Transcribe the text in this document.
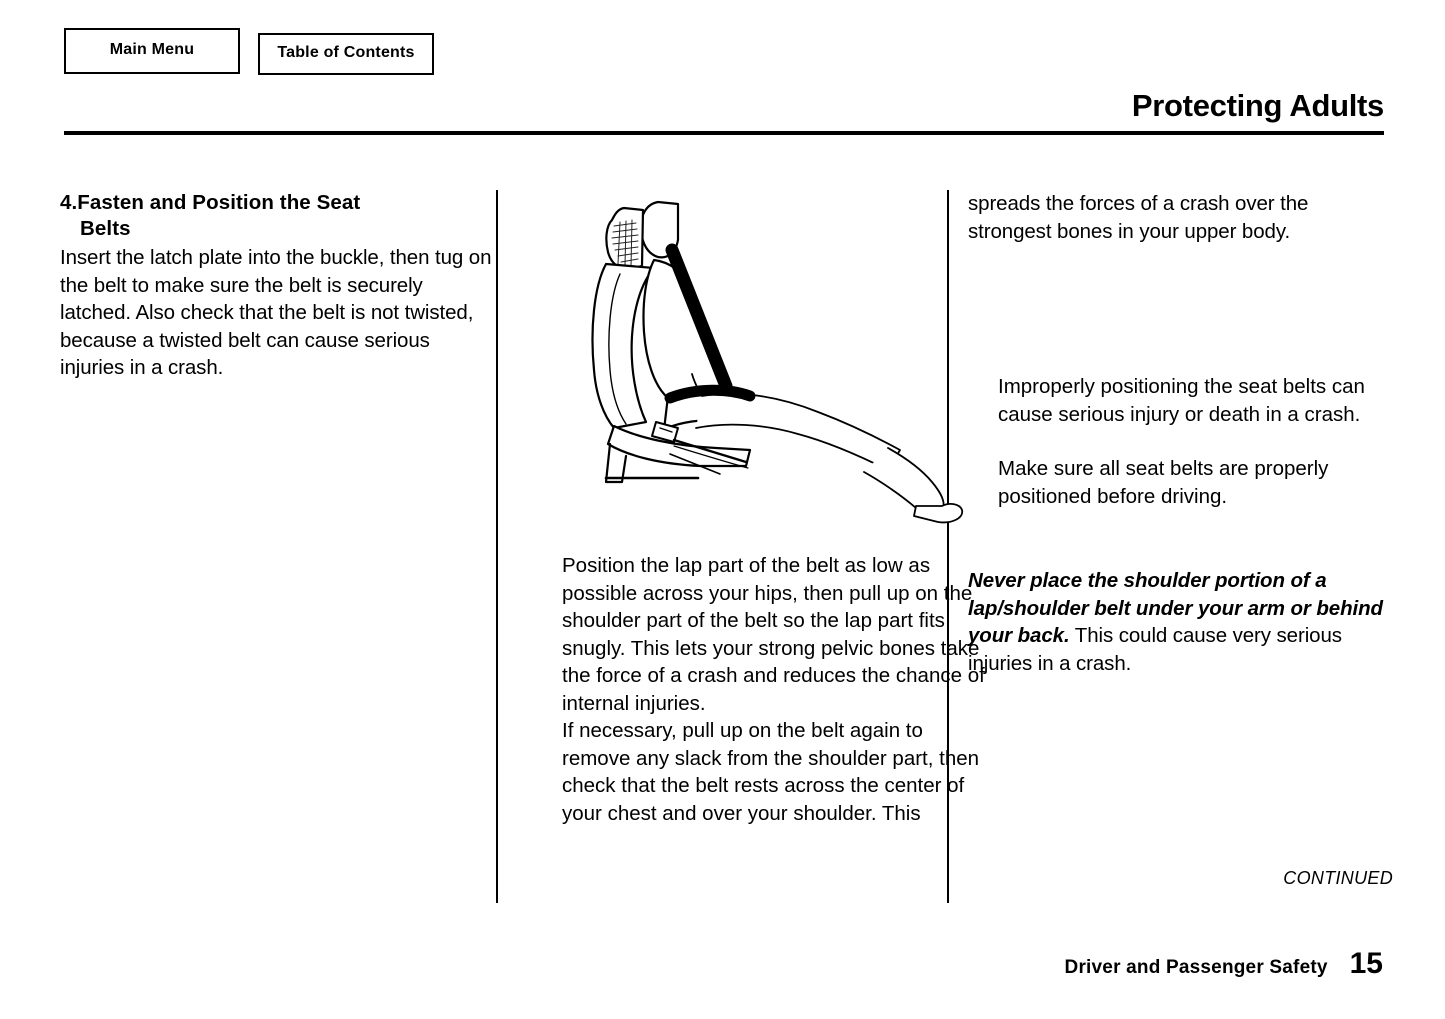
Main Menu	Table of Contents
Protecting Adults
4.Fasten and Position the Seat
Belts

Insert the latch plate into the buckle, then tug on the belt to make sure the belt is securely latched. Also check that the belt is not twisted, because a twisted belt can cause serious injuries in a crash.

Position the lap part of the belt as low as possible across your hips, then pull up on the shoulder part of the belt so the lap part fits snugly. This lets your strong pelvic bones take the force of a crash and reduces the chance of internal injuries.

If necessary, pull up on the belt again to remove any slack from the shoulder part, then check that the belt rests across the center of your chest and over your shoulder. This

spreads the forces of a crash over the strongest bones in your upper body.

Improperly positioning the seat belts can cause serious injury or death in a crash.

Make sure all seat belts are properly positioned before driving.

Never place the shoulder portion of a lap/shoulder belt under your arm or behind your back. This could cause very serious injuries in a crash.

CONTINUED
Driver and Passenger Safety 15
